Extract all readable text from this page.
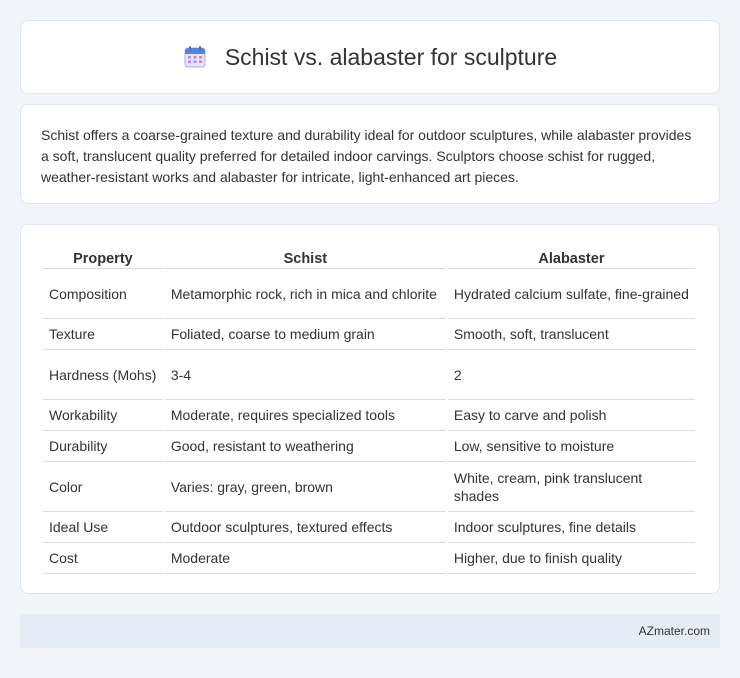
Schist vs. alabaster for sculpture

Schist offers a coarse-grained texture and durability ideal for outdoor sculptures, while alabaster provides a soft, translucent quality preferred for detailed indoor carvings. Sculptors choose schist for rugged, weather-resistant works and alabaster for intricate, light-enhanced art pieces.

Property	Schist	Alabaster
Composition	Metamorphic rock, rich in mica and chlorite	Hydrated calcium sulfate, fine-grained
Texture	Foliated, coarse to medium grain	Smooth, soft, translucent
Hardness (Mohs)	3-4	2
Workability	Moderate, requires specialized tools	Easy to carve and polish
Durability	Good, resistant to weathering	Low, sensitive to moisture
Color	Varies: gray, green, brown	White, cream, pink translucent shades
Ideal Use	Outdoor sculptures, textured effects	Indoor sculptures, fine details
Cost	Moderate	Higher, due to finish quality
AZmater.com
